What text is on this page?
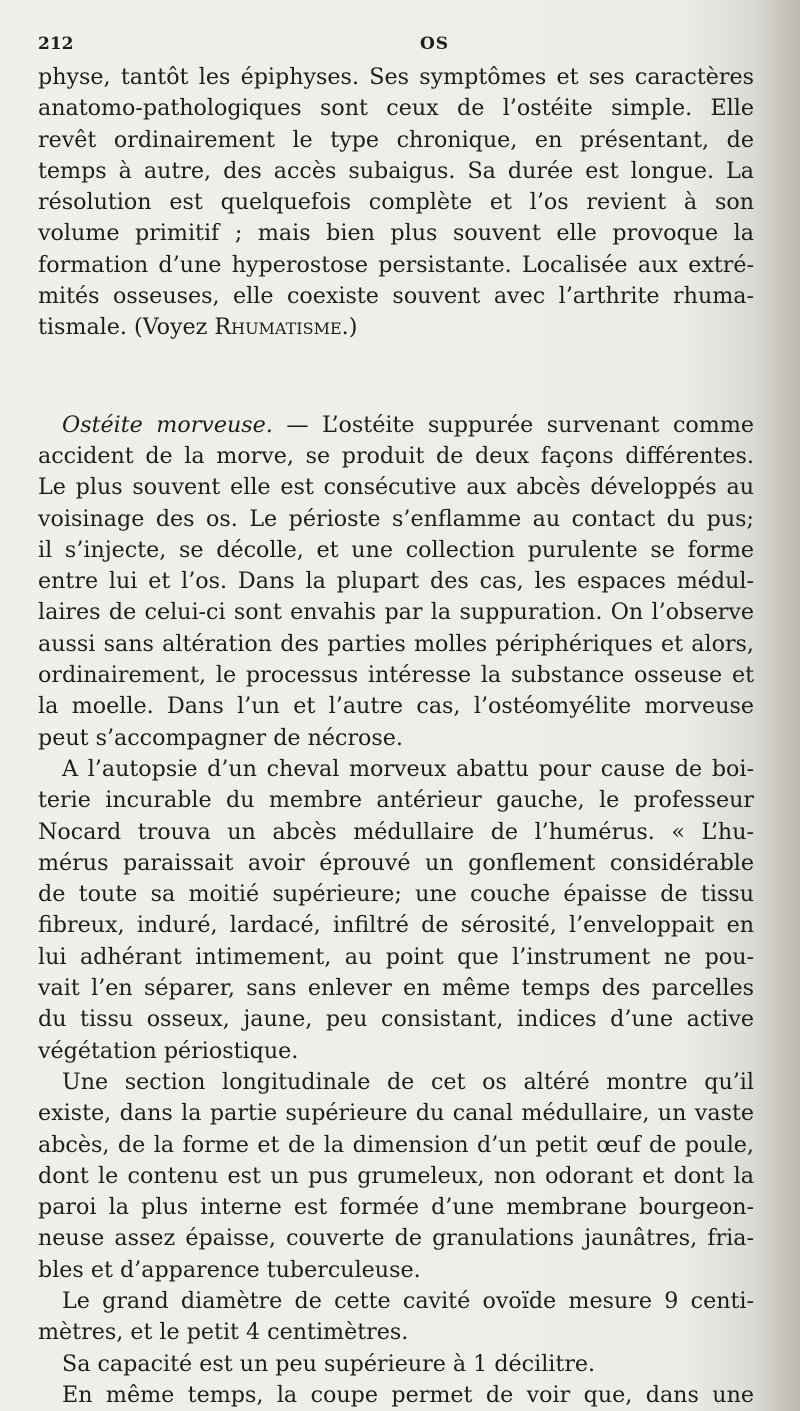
212	OS

physe, tantôt les épiphyses. Ses symptômes et ses caractères
anatomo-pathologiques sont ceux de l’ostéite simple. Elle
revêt ordinairement le type chronique, en présentant, de
temps à autre, des accès subaigus. Sa durée est longue. La
résolution est quelquefois complète et l’os revient à son
volume primitif ; mais bien plus souvent elle provoque la
formation d’une hyperostose persistante. Localisée aux extré-
mités osseuses, elle coexiste souvent avec l’arthrite rhuma-
tismale. (Voyez Rhumatisme.)

Ostéite morveuse. — L’ostéite suppurée survenant comme
accident de la morve, se produit de deux façons différentes.
Le plus souvent elle est consécutive aux abcès développés au
voisinage des os. Le périoste s’enflamme au contact du pus;
il s’injecte, se décolle, et une collection purulente se forme
entre lui et l’os. Dans la plupart des cas, les espaces médul-
laires de celui-ci sont envahis par la suppuration. On l’observe
aussi sans altération des parties molles périphériques et alors,
ordinairement, le processus intéresse la substance osseuse et
la moelle. Dans l’un et l’autre cas, l’ostéomyélite morveuse
peut s’accompagner de nécrose.

A l’autopsie d’un cheval morveux abattu pour cause de boi-
terie incurable du membre antérieur gauche, le professeur
Nocard trouva un abcès médullaire de l’humérus. « L’hu-
mérus paraissait avoir éprouvé un gonflement considérable
de toute sa moitié supérieure; une couche épaisse de tissu
fibreux, induré, lardacé, infiltré de sérosité, l’enveloppait en
lui adhérant intimement, au point que l’instrument ne pou-
vait l’en séparer, sans enlever en même temps des parcelles
du tissu osseux, jaune, peu consistant, indices d’une active
végétation périostique.

Une section longitudinale de cet os altéré montre qu’il
existe, dans la partie supérieure du canal médullaire, un vaste
abcès, de la forme et de la dimension d’un petit œuf de poule,
dont le contenu est un pus grumeleux, non odorant et dont la
paroi la plus interne est formée d’une membrane bourgeon-
neuse assez épaisse, couverte de granulations jaunâtres, fria-
bles et d’apparence tuberculeuse.

Le grand diamètre de cette cavité ovoïde mesure 9 centi-
mètres, et le petit 4 centimètres.

Sa capacité est un peu supérieure à 1 décilitre.

En même temps, la coupe permet de voir que, dans une
